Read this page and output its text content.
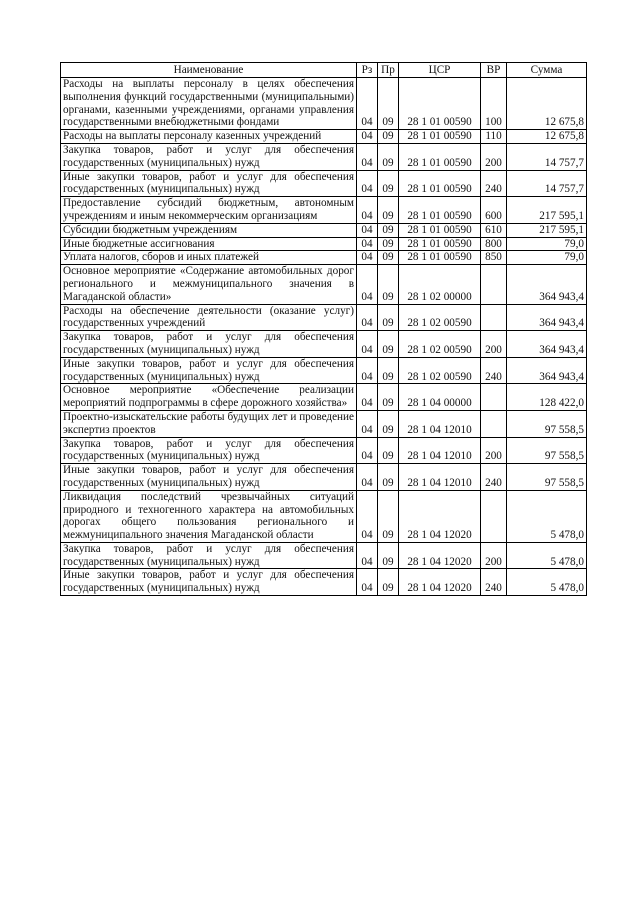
Наименование	Рз	Пр	ЦСР	ВР	Сумма
Расходы на выплаты персоналу в целях обеспечения выполнения функций государственными (муниципальными) органами, казенными учреждениями, органами управления государственными внебюджетными фондами	04	09	28 1 01 00590	100	12 675,8
Расходы на выплаты персоналу казенных учреждений	04	09	28 1 01 00590	110	12 675,8
Закупка товаров, работ и услуг для обеспечения государственных (муниципальных) нужд	04	09	28 1 01 00590	200	14 757,7
Иные закупки товаров, работ и услуг для обеспечения государственных (муниципальных) нужд	04	09	28 1 01 00590	240	14 757,7
Предоставление субсидий бюджетным, автономным учреждениям и иным некоммерческим организациям	04	09	28 1 01 00590	600	217 595,1
Субсидии бюджетным учреждениям	04	09	28 1 01 00590	610	217 595,1
Иные бюджетные ассигнования	04	09	28 1 01 00590	800	79,0
Уплата налогов, сборов и иных платежей	04	09	28 1 01 00590	850	79,0
Основное мероприятие «Содержание автомобильных дорог регионального и межмуниципального значения в Магаданской области»	04	09	28 1 02 00000		364 943,4
Расходы на обеспечение деятельности (оказание услуг) государственных учреждений	04	09	28 1 02 00590		364 943,4
Закупка товаров, работ и услуг для обеспечения государственных (муниципальных) нужд	04	09	28 1 02 00590	200	364 943,4
Иные закупки товаров, работ и услуг для обеспечения государственных (муниципальных) нужд	04	09	28 1 02 00590	240	364 943,4
Основное мероприятие «Обеспечение реализации мероприятий подпрограммы в сфере дорожного хозяйства»	04	09	28 1 04 00000		128 422,0
Проектно-изыскательские работы будущих лет и проведение экспертиз проектов	04	09	28 1 04 12010		97 558,5
Закупка товаров, работ и услуг для обеспечения государственных (муниципальных) нужд	04	09	28 1 04 12010	200	97 558,5
Иные закупки товаров, работ и услуг для обеспечения государственных (муниципальных) нужд	04	09	28 1 04 12010	240	97 558,5
Ликвидация последствий чрезвычайных ситуаций природного и техногенного характера на автомобильных дорогах общего пользования регионального и межмуниципального значения Магаданской области	04	09	28 1 04 12020		5 478,0
Закупка товаров, работ и услуг для обеспечения государственных (муниципальных) нужд	04	09	28 1 04 12020	200	5 478,0
Иные закупки товаров, работ и услуг для обеспечения государственных (муниципальных) нужд	04	09	28 1 04 12020	240	5 478,0
